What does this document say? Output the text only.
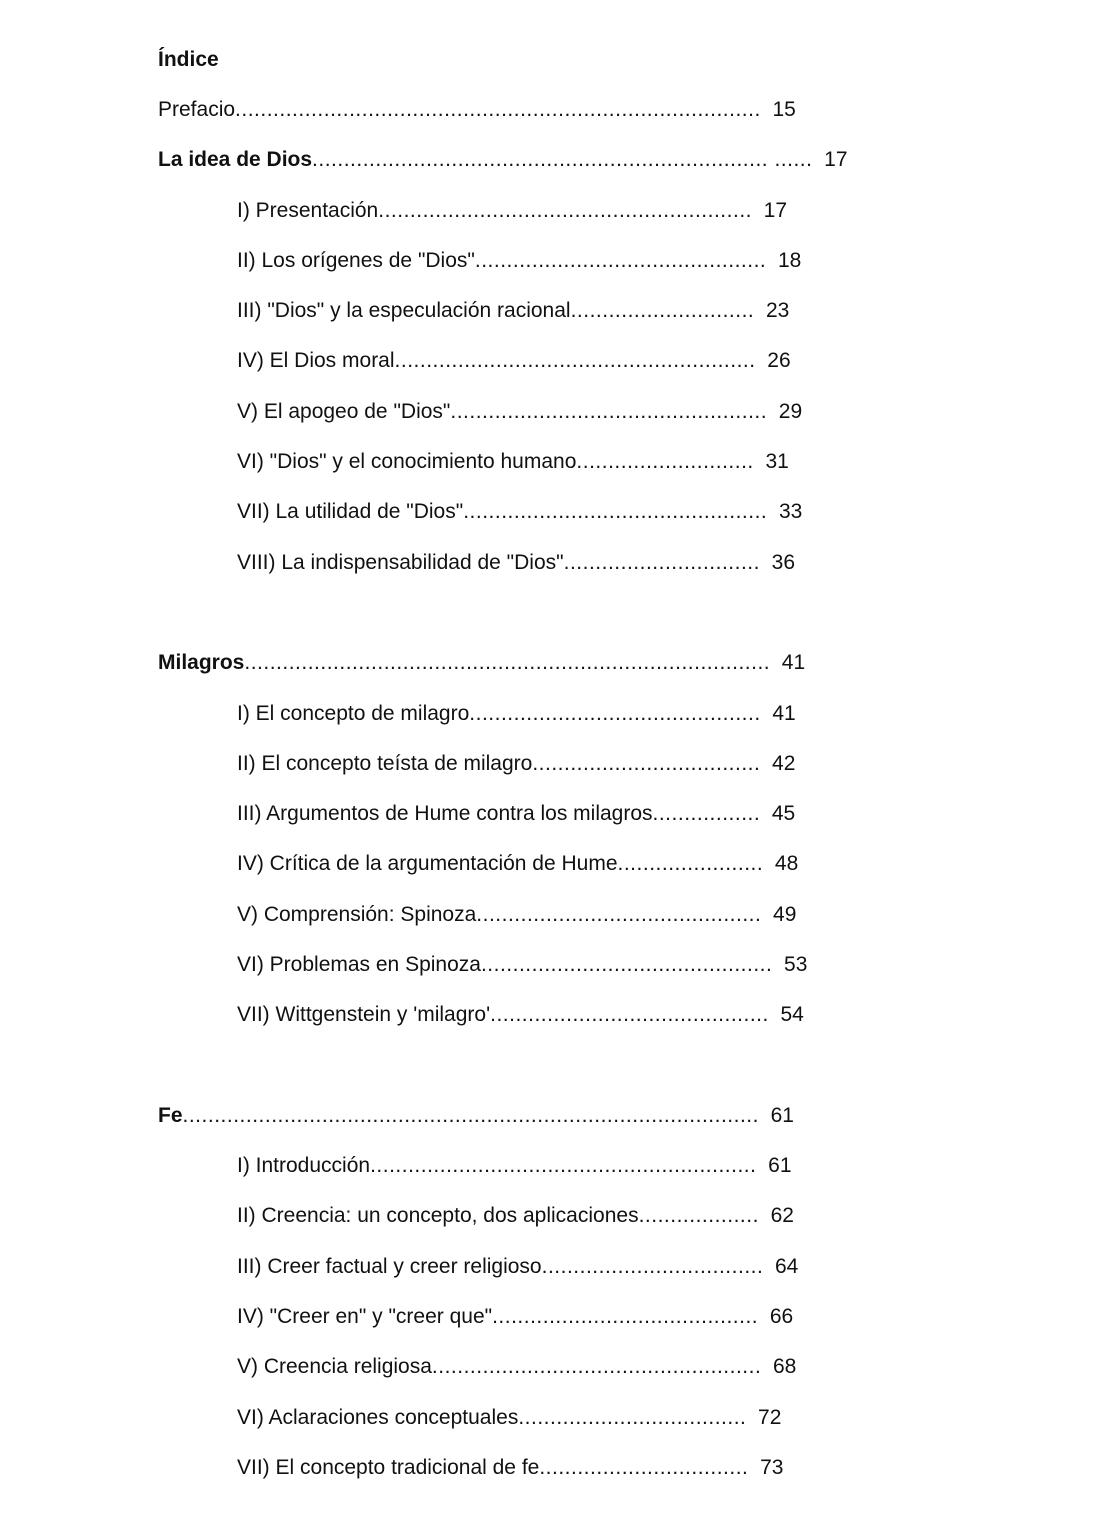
Índice
Prefacio................................................................................... 15
La idea de Dios........................................................................ ...... 17
I) Presentación........................................................... 17
II) Los orígenes de "Dios".............................................. 18
III) "Dios" y la especulación racional............................. 23
IV) El Dios moral......................................................... 26
V) El apogeo de "Dios".................................................. 29
VI) "Dios" y el conocimiento humano............................ 31
VII) La utilidad de "Dios"................................................ 33
VIII) La indispensabilidad de "Dios"............................... 36
Milagros................................................................................... 41
I) El concepto de milagro.............................................. 41
II) El concepto teísta de milagro.................................... 42
III) Argumentos de Hume contra los milagros................. 45
IV) Crítica de la argumentación de Hume....................... 48
V) Comprensión: Spinoza............................................. 49
VI) Problemas en Spinoza.............................................. 53
VII) Wittgenstein y 'milagro'............................................ 54
Fe........................................................................................... 61
I) Introducción............................................................. 61
II) Creencia: un concepto, dos aplicaciones................... 62
III) Creer factual y creer religioso................................... 64
IV) "Creer en" y "creer que".......................................... 66
V) Creencia religiosa.................................................... 68
VI) Aclaraciones conceptuales.................................... 72
VII) El concepto tradicional de fe................................. 73
